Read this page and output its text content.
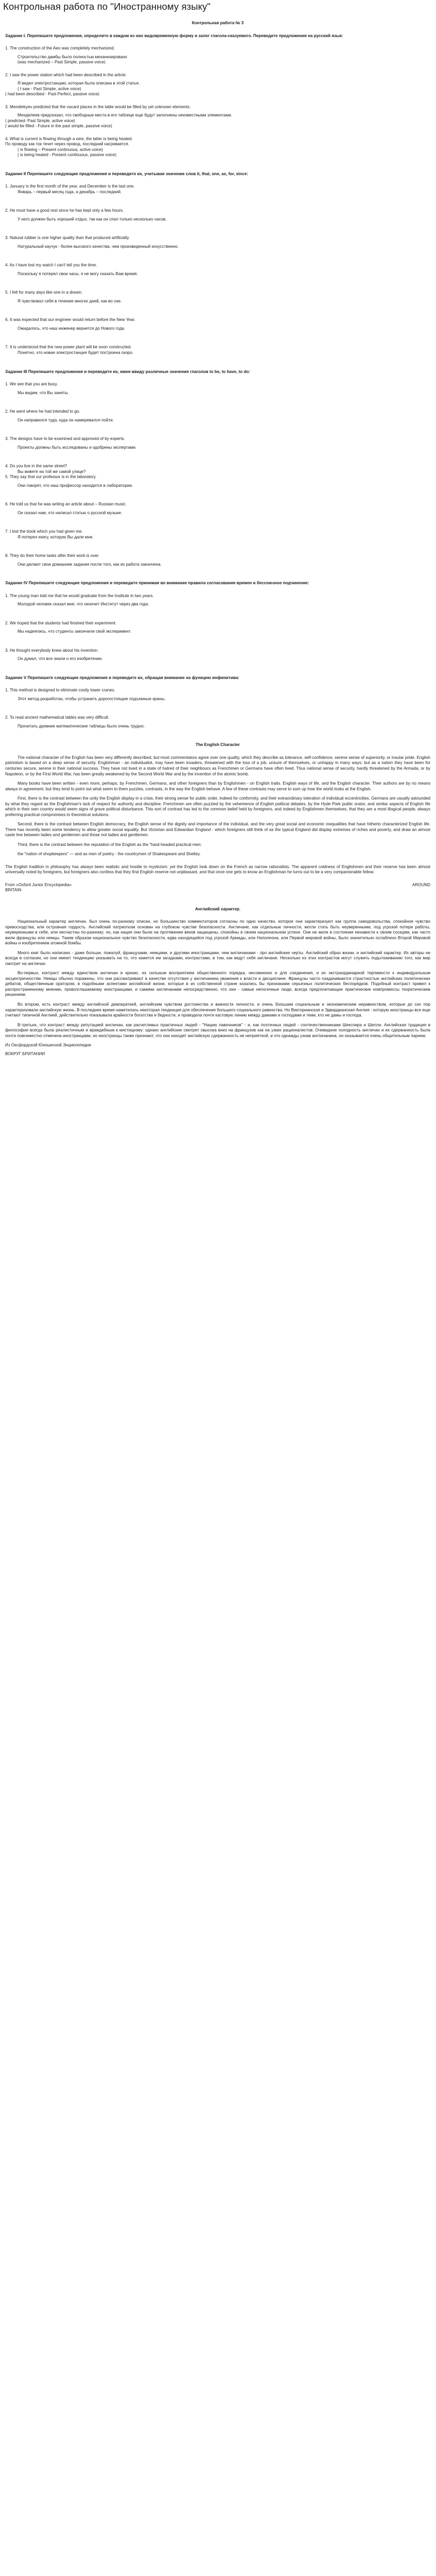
Контрольная работа по "Иностранному языку"

Контрольная работа № 3

Задание I. Перепишите предложения, определите в каждом из них видовременную форму и залог глагола-сказуемого. Переведите предложения на русский язык:

1. The construction of the Aeo was completely mechanized.
Строительство дамбы было полностью механизировано
(was mechanized – Past Simple, passive voice)
2. I saw the power station which had been described in the article.
Я видел электростанцию, которая была описана в этой статье.
( I saw - Past Simple, active voice)
( had been described - Past Perfect, passive voice)
3. Mendeleyev predicted that the vacant places in the table would be filled by yet unknown elements.
Менделеев предсказал, что свободные места в его таблице еще будут заполнены неизвестными элементами.
( predicted- Past Simple, active voice)
( would be filled - Future in the past simple, passive voice)
4. What is current is flowing through a wire, the latter is being heated.
По проводу как ток течет через провод, последний нагревается.
( is flowing – Present continuous, active voice)
( is being heated - Present continuous, passive voice)

Задание II Перепишите следующие предложения и переведите их, учитывая значение слов it, that, one, as, for, since:

1. January is the first month of the year, and December is the last one.
Январь – первый месяц года, а декабрь – последний.
2. He must have a good rest since he has kept only a few hours.
У него должен быть хороший отдых, так как он спал только несколько часов.
3. Natural rubber is one higher quality than that produced artificially.
Натуральный каучук - более высокого качества, чем произведенный искусственно.
4. As I have lost my watch I can't tell you the time.
Поскольку я потерял свои часы, я не могу сказать Вам время.
5. I felt for many days like one in a dream.
Я чувствовал себя в течение многих дней, как во сне.
6. It was expected that our engineer would return before the New Year.
Ожидалось, что наш инженер вернется до Нового года.
7. It is understood that the new power plant will be soon constructed.
Понятно, что новая электростанция будет построена скоро.

Задание III Перепишите предложения и переведите их, имея ввиду различные значения глаголов to be, to have, to do:

1. We see that you are busy.
Мы видим, что Вы заняты.
2. He went where he had intended to go.
Он направился туда, куда он намеревался пойти.
3. The designs have to be examined and approved of by experts.
Проекты должны быть исследованы и одобрены экспертами.
4. Do you live in the same street?
Вы живете на той же самой улице?
5. They say that our professor is in the laboratory.
Они говорят, что наш профессор находится в лаборатории.
6. He told us that he was writing an article about – Russian music.
Он сказал нам, что написал статью о русской музыке.
7. I lost the book which you had given me.
Я потерял книгу, которую Вы дали мне.
8. They do their home tasks after their work is over.
Они делают свои домашние задания после того, как их работа закончена.

Задание IV Перепишите следующие предложения и переведите принимая во внимание правила согласования времен и бессоюзное подчинение:

1. The young man told me that he would graduate from the Institute in two years.
Молодой человек сказал мне, что окончит Институт через два года.
2. We hoped that the students had finished their experiment.
Мы надеялись, что студенты закончили свой эксперимент.
3. He thought everybody knew about his invention.
Он думал, что все знали о его изобретении.

Задание V Перепишите следующие предложения и переведите их, обращая внимание на функцию инфинитива:

1. This method is designed to eliminate costly tower cranes.
Этот метод разработан, чтобы устранить дорогостоящие подъемные краны.
2. To read ancient mathematical tables was very difficult.
Прочитать древние математические таблицы было очень трудно.

The English Character

The national character of the English has been very differently described, but most commentators agree over one quality, which they describe as tolerance, self-confidence, serene sense of superiority, or insular pride. English patriotism is based on a deep sense of security. Englishman - an individualist, may have been invaders, threatened with the loss of a job, unsure of themselves, or unhappy in many ways; but as a nation they have been for centuries secure, serene in their national success. They have not lived in a state of hatred of their neighbours as Frenchmen or Germans have often lived. Thus national sense of security, hardly threatened by the Armada, or by Napoleon, or by the First World War, has been greatly weakened by the Second World War and by the invention of the atomic bomb.

Many books have been written - even more, perhaps, by Frenchmen, Germans, and other foreigners than by Englishmen - on English traits. English ways of life, and the English character. Their authors are by no means always in agreement, but they tend to point out what seem to them puzzles, contrasts, in the way the English behave. A few of these contrasts may serve to sum up how the world looks at the English.

First, there is the contrast between the unity the English display in a crisis, their strong sense for public order, indeed for conformity, and their extraordinary toleration of individual eccentricities. Germans are usually astounded by what they regard as the Englishman's lack of respect for authority and discipline. Frenchmen are often puzzled by the vehemence of English political debates, by the Hyde Park public orator, and similar aspects of English life which in their own country would seem signs of grave political disturbance. This sort of contrast has led to the common belief held by foreigners, and indeed by Englishmen themselves, that they are a most illogical people, always preferring practical compromises to theoretical solutions.

Second, there is the contrast between English democracy, the English sense of the dignity and importance of the individual, and the very great social and economic inequalities that have hitherto characterized English life. There has recently been some tendency to allow greater social equality. But Victorian and Edwardian England - which foreigners still think of as the typical England did display extremes of riches and poverty, and draw an almost caste line between ladies and gentlemen and those not ladies and gentlemen.

Third, there is the contrast between the reputation of the English as the "hard-headed practical men:

the "nation of shopkeepers" — and as men of poetry - the countrymen of Shakespeare and Shelley.

The English tradition in philosophy has always been realistic and hostile to mysticism: yet the English look down on the French as narrow rationalists. The apparent coldness of Englishmen and their reserve has been almost universally noted by foreigners, but foreigners also confess that they find English reserve not unpleasant, and that once one gets to know an Englishman he turns out to be a very companionable fellow.

From «Oxford Junior Encyclopedia»	AROUND
BRITAIN

Английский характер.

Национальный характер англичан, был очень по-разному описан, но большинство комментаторов согласны по одно качество, которое они характеризуют как группа самодовольства, спокойное чувство превосходства, или островная гордость. Английский патриотизм основан на глубоком чувстве безопасности. Англичане, как отдельные личности, могли стать быть неуверенными, под угрозой потери работы, неуверенными в себе, или несчастны по-разному; но, как нация они были на протяжении веков защищены, спокойны в своем национальном успехе. Они не жили в состоянии ненависти к своим соседям, как часто жили французы или немцы. Таким образом национальное чувство безопасности, едва находящейся под угрозой Армады, или Наполеона, или Первой мировой войны, было значительно ослаблено Второй Мировой войны и изобретением атомной бомбы.

Много книг было написано - даже больше, пожалуй, французами, немцами, и другими иностранцами, чем англичанами - про английские черты. Английский образ жизни, и английский характер. Их авторы не всегда в согласии, но они имеют тенденцию указывать на то, что кажется им загадками, контрастами, в том, как ведут себя англичане. Несколько из этих контрастов могут служить подытоживанию того, как мир смотрит на англичан.

Во-первых, контраст между единством англичан в кризис, их сильным восприятием общественного порядка, несомненно и для соединения, и их экстраординарной терпимости к индивидуальным эксцентричностям. Немцы обычно поражены, что они рассматривают в качестве отсутствия у англичанина уважения к власти и дисциплине. Французы часто озадачиваются страстностью английских политических дебатов, общественным оратором, в подобными аспектами английской жизни, которые в их собственной стране казались бы признаками серьезных политических беспорядков. Подобный контраст привел к распространенному мнению, провозглашаемому иностранцами, и самими англичанами непосредственно, что они - самые нелогичные люди, всегда предпочитающие практические компромиссы теоретическим решениям.

Во втором, есть контраст между английской демократией, английским чувством достоинства и важности личности, и очень большим социальным и экономическим неравенством, которые до сих пор характеризовали английскую жизнь. В последнее время наметилась некоторая тенденция для обеспечения большего социального равенства. Но Викторианская и Эдвардианская Англия - которую иностранцы все еще считают типичной Англией, действительно показывала крайности богатства и бедности, и проводила почти кастовую линию между дамами и господами и теми, кто не дамы и господа.

В-третьих, что контраст между репутацией англичан, как расчетливых практичных людей - "Нацию лавочников" - и, как поэтичных людей - соотечественниками Шекспира и Шелли. Английская традиция в философии всегда была реалистичным и враждебным к мистицизму: однако английские смотрят свысока вниз на французов как на узких рационалистов. Очевидное холодность англичан и их сдержанность была почти повсеместно отмечена иностранцами, но иностранцы также признают, что они находят английскую сдержанность не неприятной, и что однажды узнав англичанина, он оказывается очень общительным парнем.

Из Оксфордской Юношеской Энциклопедии
ВОКРУГ БРИТАНИИ
